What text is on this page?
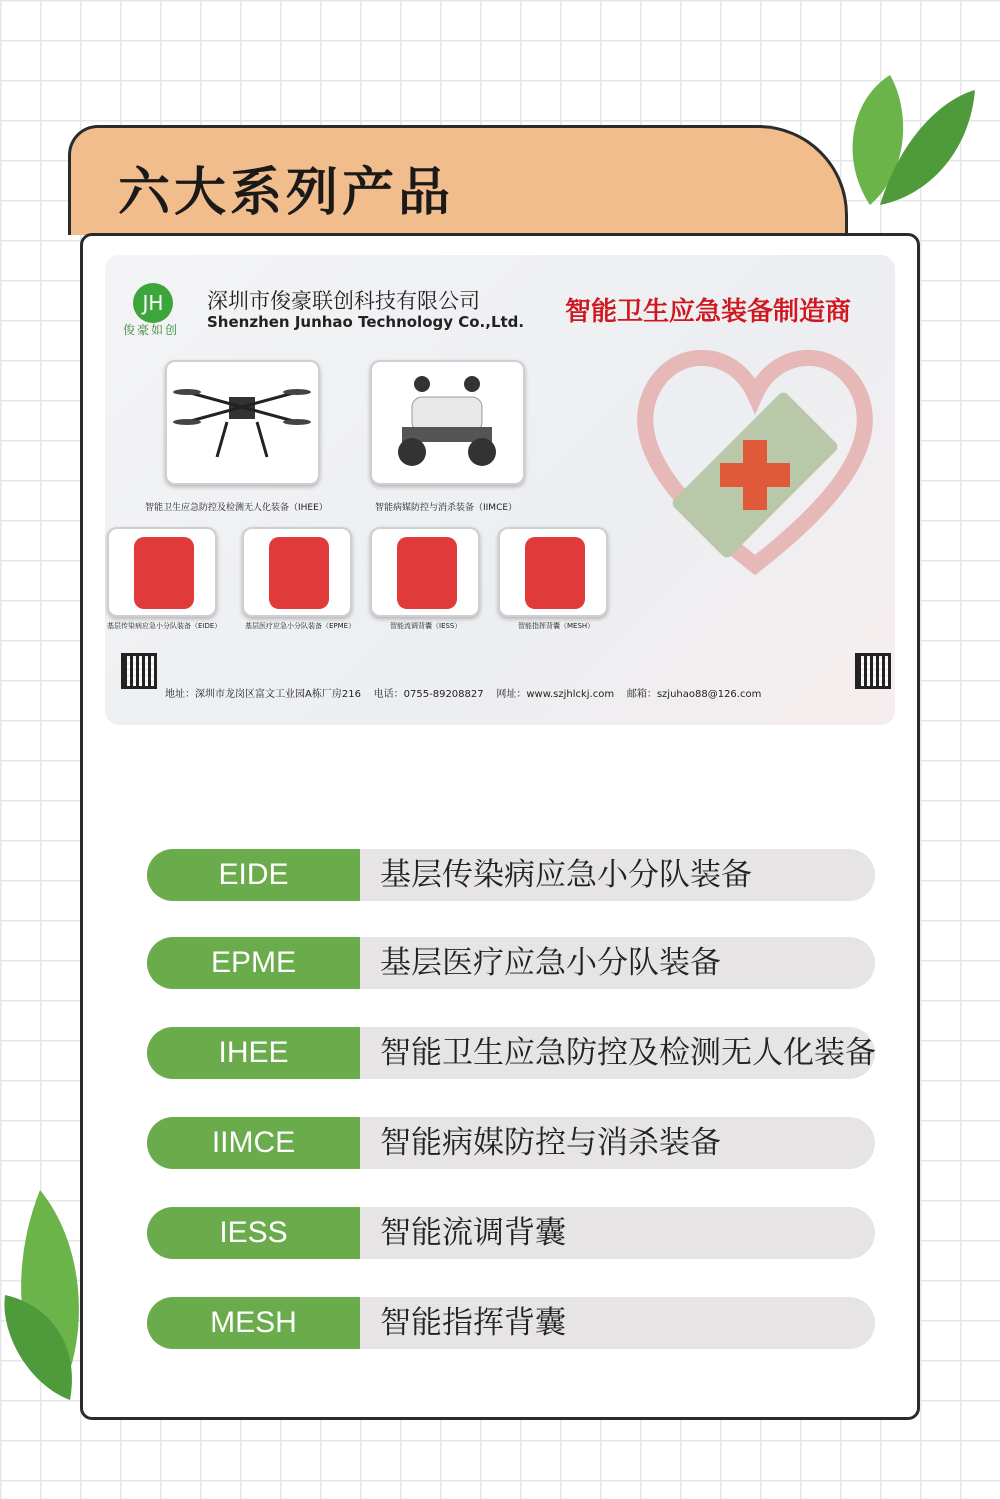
六大系列产品
JH
俊豪如创
深圳市俊豪联创科技有限公司
Shenzhen Junhao Technology Co.,Ltd. 智能卫生应急装备制造商
智能卫生应急防控及检测无人化装备（IHEE）	智能病媒防控与消杀装备（IIMCE）
基层传染病应急小分队装备（EIDE）	基层医疗应急小分队装备（EPME）	智能流调背囊（IESS）	智能指挥背囊（MESH）
地址：深圳市龙岗区富文工业园A栋厂房216 电话：0755-89208827 网址：www.szjhlckj.com 邮箱：szjuhao88@126.com
EIDE	基层传染病应急小分队装备
EPME	基层医疗应急小分队装备
IHEE	智能卫生应急防控及检测无人化装备
IIMCE	智能病媒防控与消杀装备
IESS	智能流调背囊
MESH	智能指挥背囊
